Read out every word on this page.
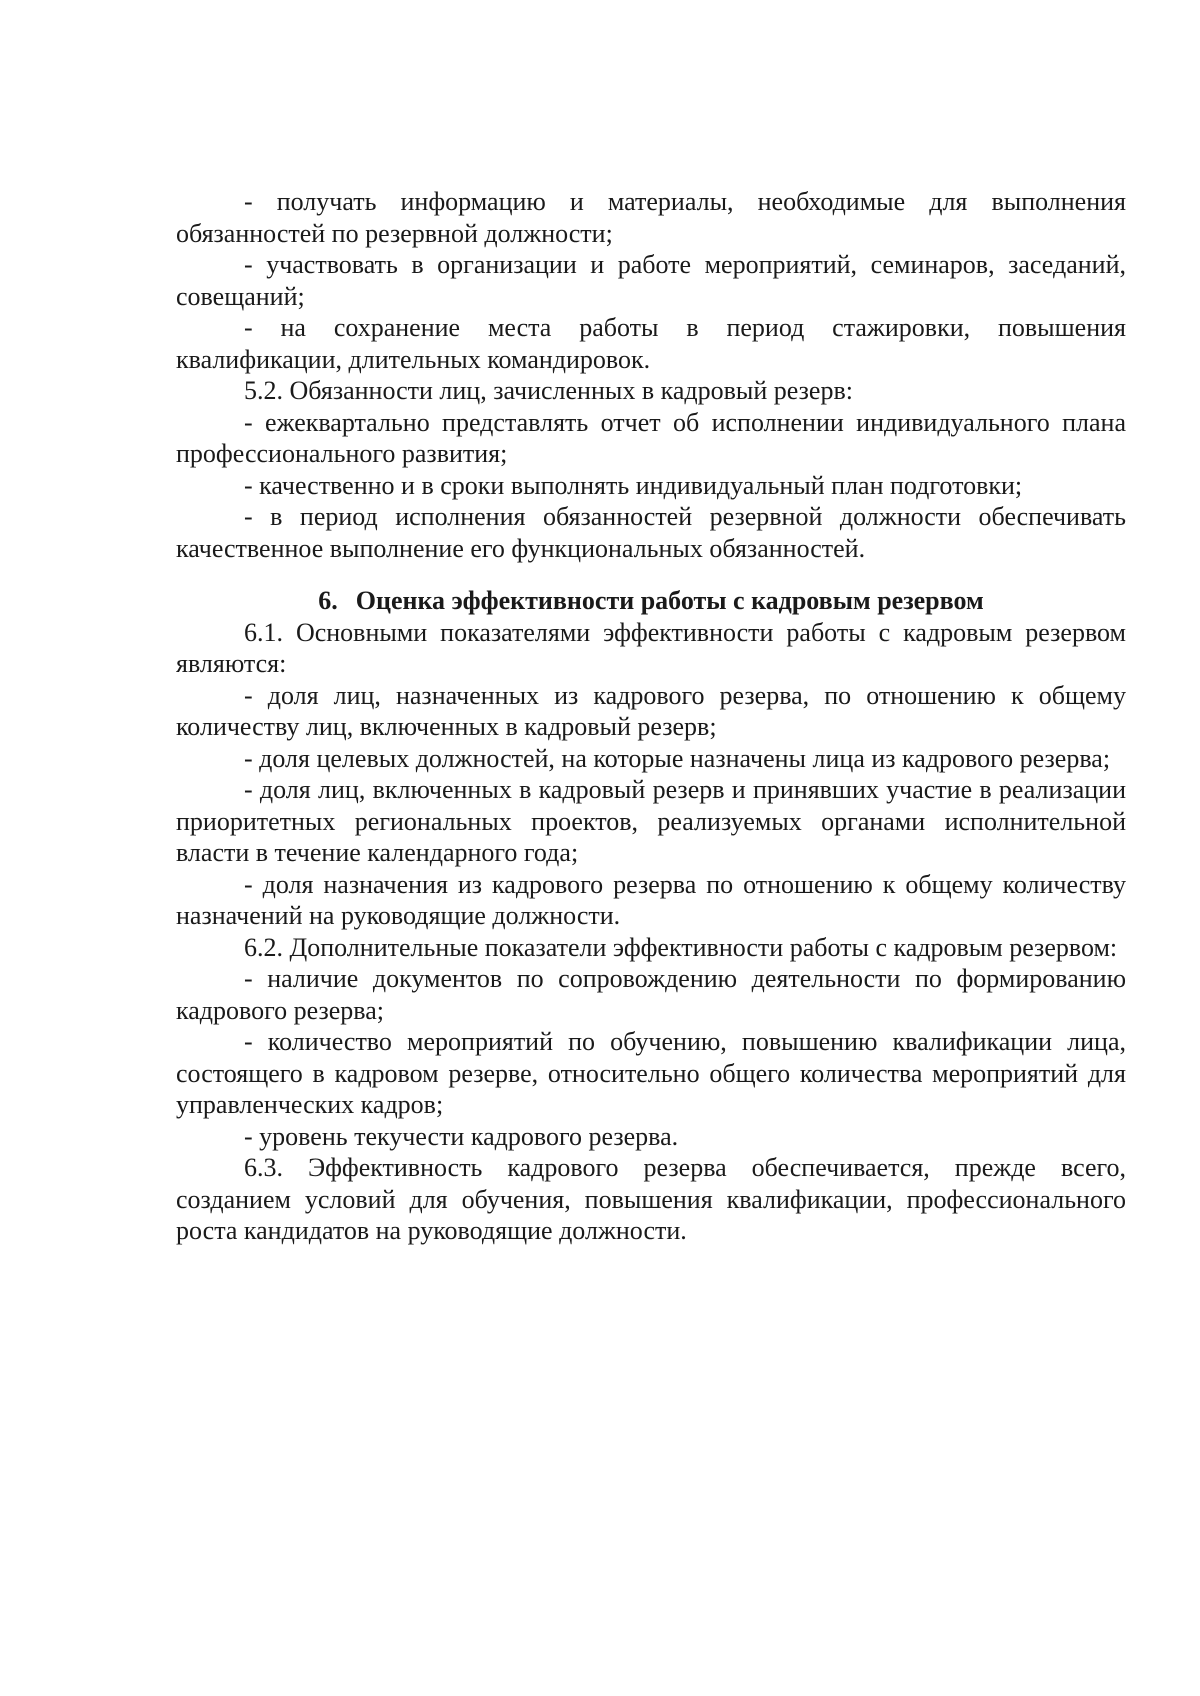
- получать информацию и материалы, необходимые для выполнения обязанностей по резервной должности;

- участвовать в организации и работе мероприятий, семинаров, заседаний, совещаний;

- на сохранение места работы в период стажировки, повышения квалификации, длительных командировок.

5.2. Обязанности лиц, зачисленных в кадровый резерв:

- ежеквартально представлять отчет об исполнении индивидуального плана профессионального развития;

- качественно и в сроки выполнять индивидуальный план подготовки;

- в период исполнения обязанностей резервной должности обеспечивать качественное выполнение его функциональных обязанностей.

6. Оценка эффективности работы с кадровым резервом

6.1. Основными показателями эффективности работы с кадровым резервом являются:

- доля лиц, назначенных из кадрового резерва, по отношению к общему количеству лиц, включенных в кадровый резерв;

- доля целевых должностей, на которые назначены лица из кадрового резерва;

- доля лиц, включенных в кадровый резерв и принявших участие в реализации приоритетных региональных проектов, реализуемых органами исполнительной власти в течение календарного года;

- доля назначения из кадрового резерва по отношению к общему количеству назначений на руководящие должности.

6.2. Дополнительные показатели эффективности работы с кадровым резервом:

- наличие документов по сопровождению деятельности по формированию кадрового резерва;

- количество мероприятий по обучению, повышению квалификации лица, состоящего в кадровом резерве, относительно общего количества мероприятий для управленческих кадров;

- уровень текучести кадрового резерва.

6.3. Эффективность кадрового резерва обеспечивается, прежде всего, созданием условий для обучения, повышения квалификации, профессионального роста кандидатов на руководящие должности.
